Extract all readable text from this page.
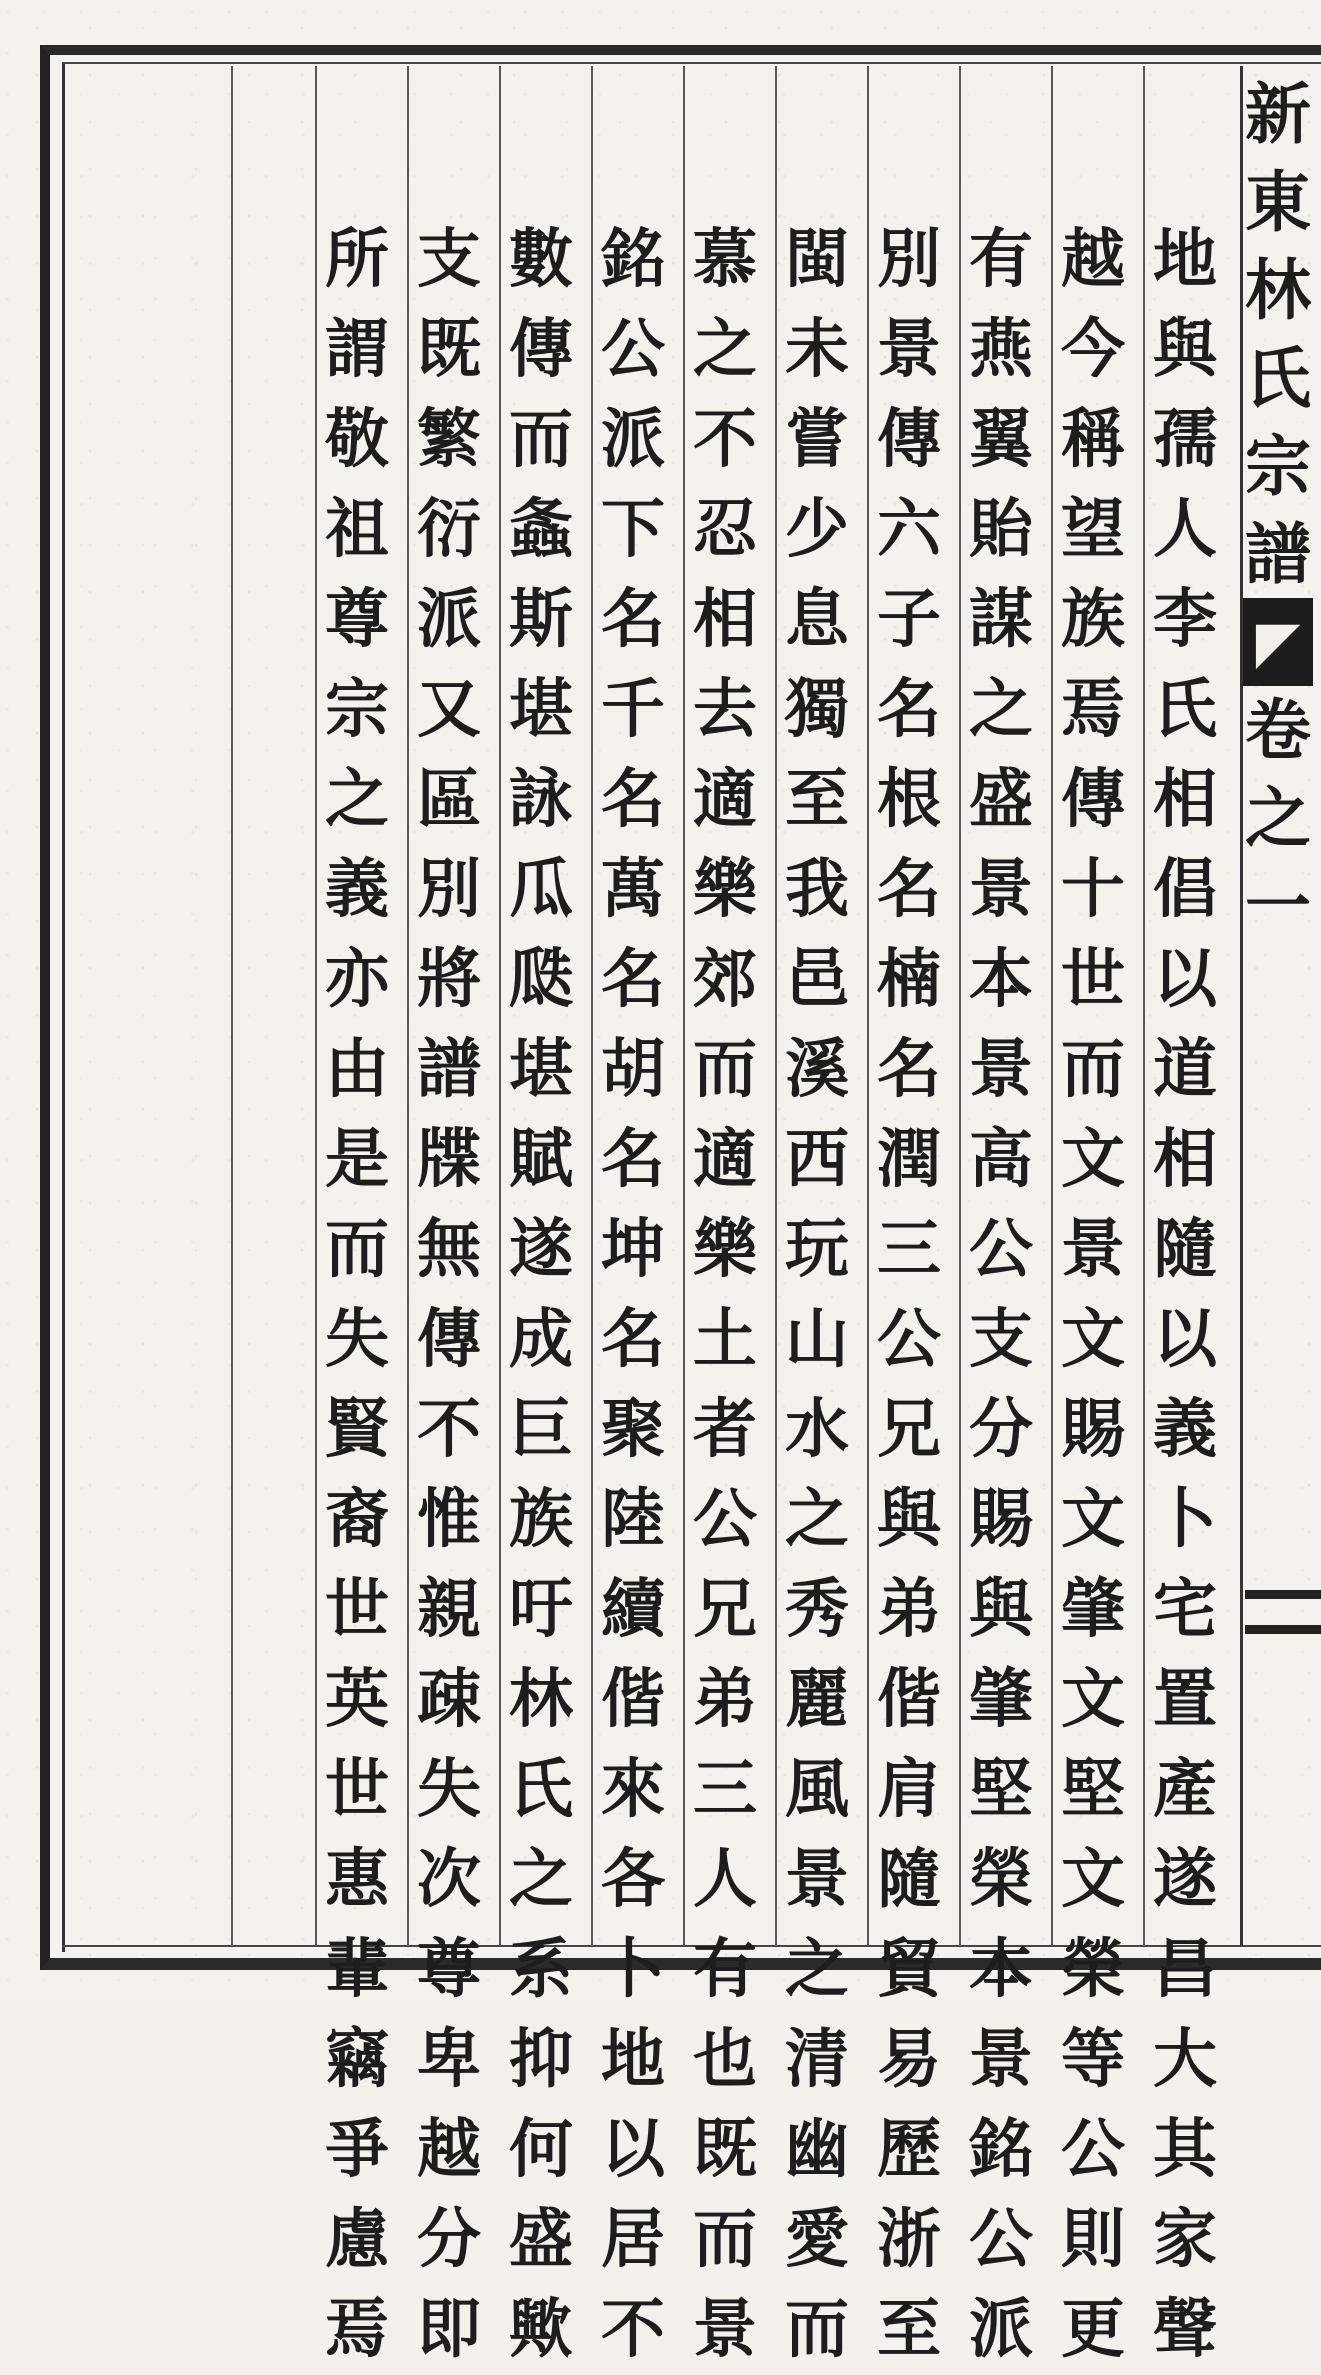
新
東
林
氏
宗
譜
◤
卷
之
一
地
與
孺
人
李
氏
相
倡
以
道
相
隨
以
義
卜
宅
置
產
遂
昌
大
其
家
聲
越
今
稱
望
族
焉
傳
十
世
而
文
景
文
賜
文
肇
文
堅
文
榮
等
公
則
更
有
燕
翼
貽
謀
之
盛
景
本
景
高
公
支
分
賜
與
肇
堅
榮
本
景
銘
公
派
別
景
傳
六
子
名
根
名
楠
名
潤
三
公
兄
與
弟
偕
肩
隨
貿
易
歷
浙
至
閩
未
嘗
少
息
獨
至
我
邑
溪
西
玩
山
水
之
秀
麗
風
景
之
清
幽
愛
而
慕
之
不
忍
相
去
適
樂
郊
而
適
樂
土
者
公
兄
弟
三
人
有
也
既
而
景
銘
公
派
下
名
千
名
萬
名
胡
名
坤
名
聚
陸
續
偕
來
各
卜
地
以
居
不
數
傳
而
螽
斯
堪
詠
瓜
瓞
堪
賦
遂
成
巨
族
吁
林
氏
之
系
抑
何
盛
歟
支
既
繁
衍
派
又
區
別
將
譜
牒
無
傳
不
惟
親
疎
失
次
尊
卑
越
分
即
所
謂
敬
祖
尊
宗
之
義
亦
由
是
而
失
賢
裔
世
英
世
惠
輩
竊
爭
慮
焉
